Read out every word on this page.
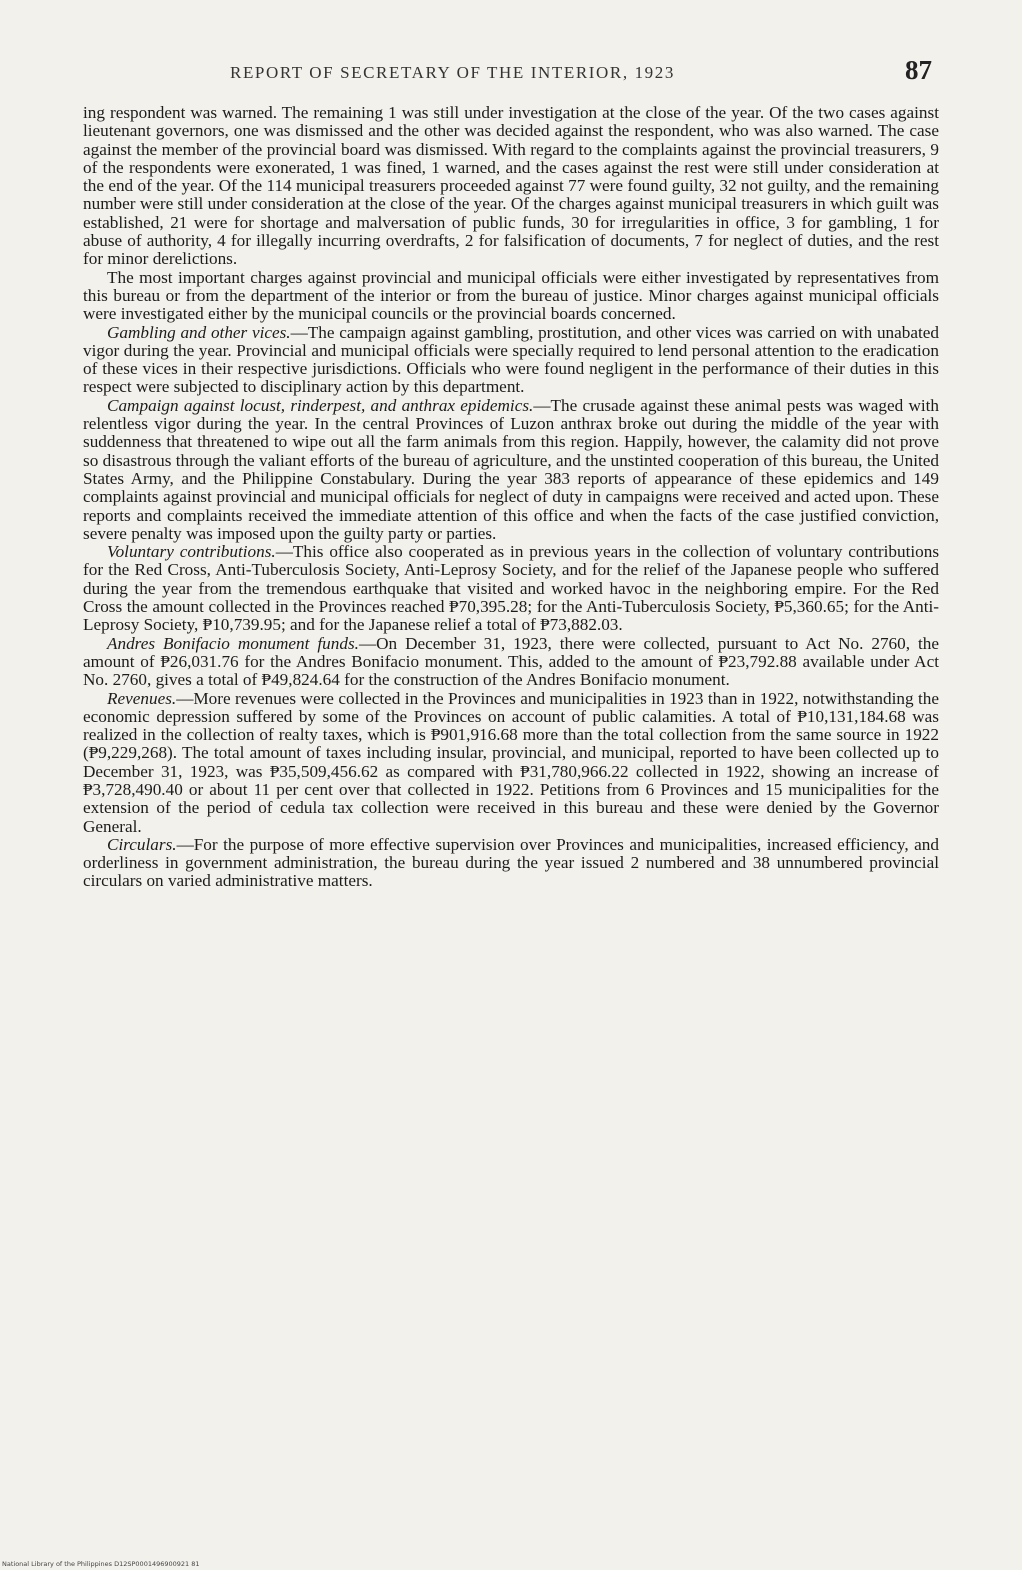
REPORT OF SECRETARY OF THE INTERIOR, 1923	87

ing respondent was warned. The remaining 1 was still under investigation at the close of the year. Of the two cases against lieutenant governors, one was dismissed and the other was decided against the respondent, who was also warned. The case against the member of the provincial board was dismissed. With regard to the complaints against the provincial treasurers, 9 of the respondents were exonerated, 1 was fined, 1 warned, and the cases against the rest were still under consideration at the end of the year. Of the 114 municipal treasurers proceeded against 77 were found guilty, 32 not guilty, and the remaining number were still under consideration at the close of the year. Of the charges against municipal treasurers in which guilt was established, 21 were for shortage and malversation of public funds, 30 for irregularities in office, 3 for gambling, 1 for abuse of authority, 4 for illegally incurring overdrafts, 2 for falsification of documents, 7 for neglect of duties, and the rest for minor derelictions.

The most important charges against provincial and municipal officials were either investigated by representatives from this bureau or from the department of the interior or from the bureau of justice. Minor charges against municipal officials were investigated either by the municipal councils or the provincial boards concerned.

Gambling and other vices.—The campaign against gambling, prostitution, and other vices was carried on with unabated vigor during the year. Provincial and municipal officials were specially required to lend personal attention to the eradication of these vices in their respective jurisdictions. Officials who were found negligent in the performance of their duties in this respect were subjected to disciplinary action by this department.

Campaign against locust, rinderpest, and anthrax epidemics.—The crusade against these animal pests was waged with relentless vigor during the year. In the central Provinces of Luzon anthrax broke out during the middle of the year with suddenness that threatened to wipe out all the farm animals from this region. Happily, however, the calamity did not prove so disastrous through the valiant efforts of the bureau of agriculture, and the unstinted cooperation of this bureau, the United States Army, and the Philippine Constabulary. During the year 383 reports of appearance of these epidemics and 149 complaints against provincial and municipal officials for neglect of duty in campaigns were received and acted upon. These reports and complaints received the immediate attention of this office and when the facts of the case justified conviction, severe penalty was imposed upon the guilty party or parties.

Voluntary contributions.—This office also cooperated as in previous years in the collection of voluntary contributions for the Red Cross, Anti-Tuberculosis Society, Anti-Leprosy Society, and for the relief of the Japanese people who suffered during the year from the tremendous earthquake that visited and worked havoc in the neighboring empire. For the Red Cross the amount collected in the Provinces reached ₱70,395.28; for the Anti-Tuberculosis Society, ₱5,360.65; for the Anti-Leprosy Society, ₱10,739.95; and for the Japanese relief a total of ₱73,882.03.

Andres Bonifacio monument funds.—On December 31, 1923, there were collected, pursuant to Act No. 2760, the amount of ₱26,031.76 for the Andres Bonifacio monument. This, added to the amount of ₱23,792.88 available under Act No. 2760, gives a total of ₱49,824.64 for the construction of the Andres Bonifacio monument.

Revenues.—More revenues were collected in the Provinces and municipalities in 1923 than in 1922, notwithstanding the economic depression suffered by some of the Provinces on account of public calamities. A total of ₱10,131,184.68 was realized in the collection of realty taxes, which is ₱901,916.68 more than the total collection from the same source in 1922 (₱9,229,268). The total amount of taxes including insular, provincial, and municipal, reported to have been collected up to December 31, 1923, was ₱35,509,456.62 as compared with ₱31,780,966.22 collected in 1922, showing an increase of ₱3,728,490.40 or about 11 per cent over that collected in 1922. Petitions from 6 Provinces and 15 municipalities for the extension of the period of cedula tax collection were received in this bureau and these were denied by the Governor General.

Circulars.—For the purpose of more effective supervision over Provinces and municipalities, increased efficiency, and orderliness in government administration, the bureau during the year issued 2 numbered and 38 unnumbered provincial circulars on varied administrative matters.

National Library of the Philippines D12SP0001496900921 81
